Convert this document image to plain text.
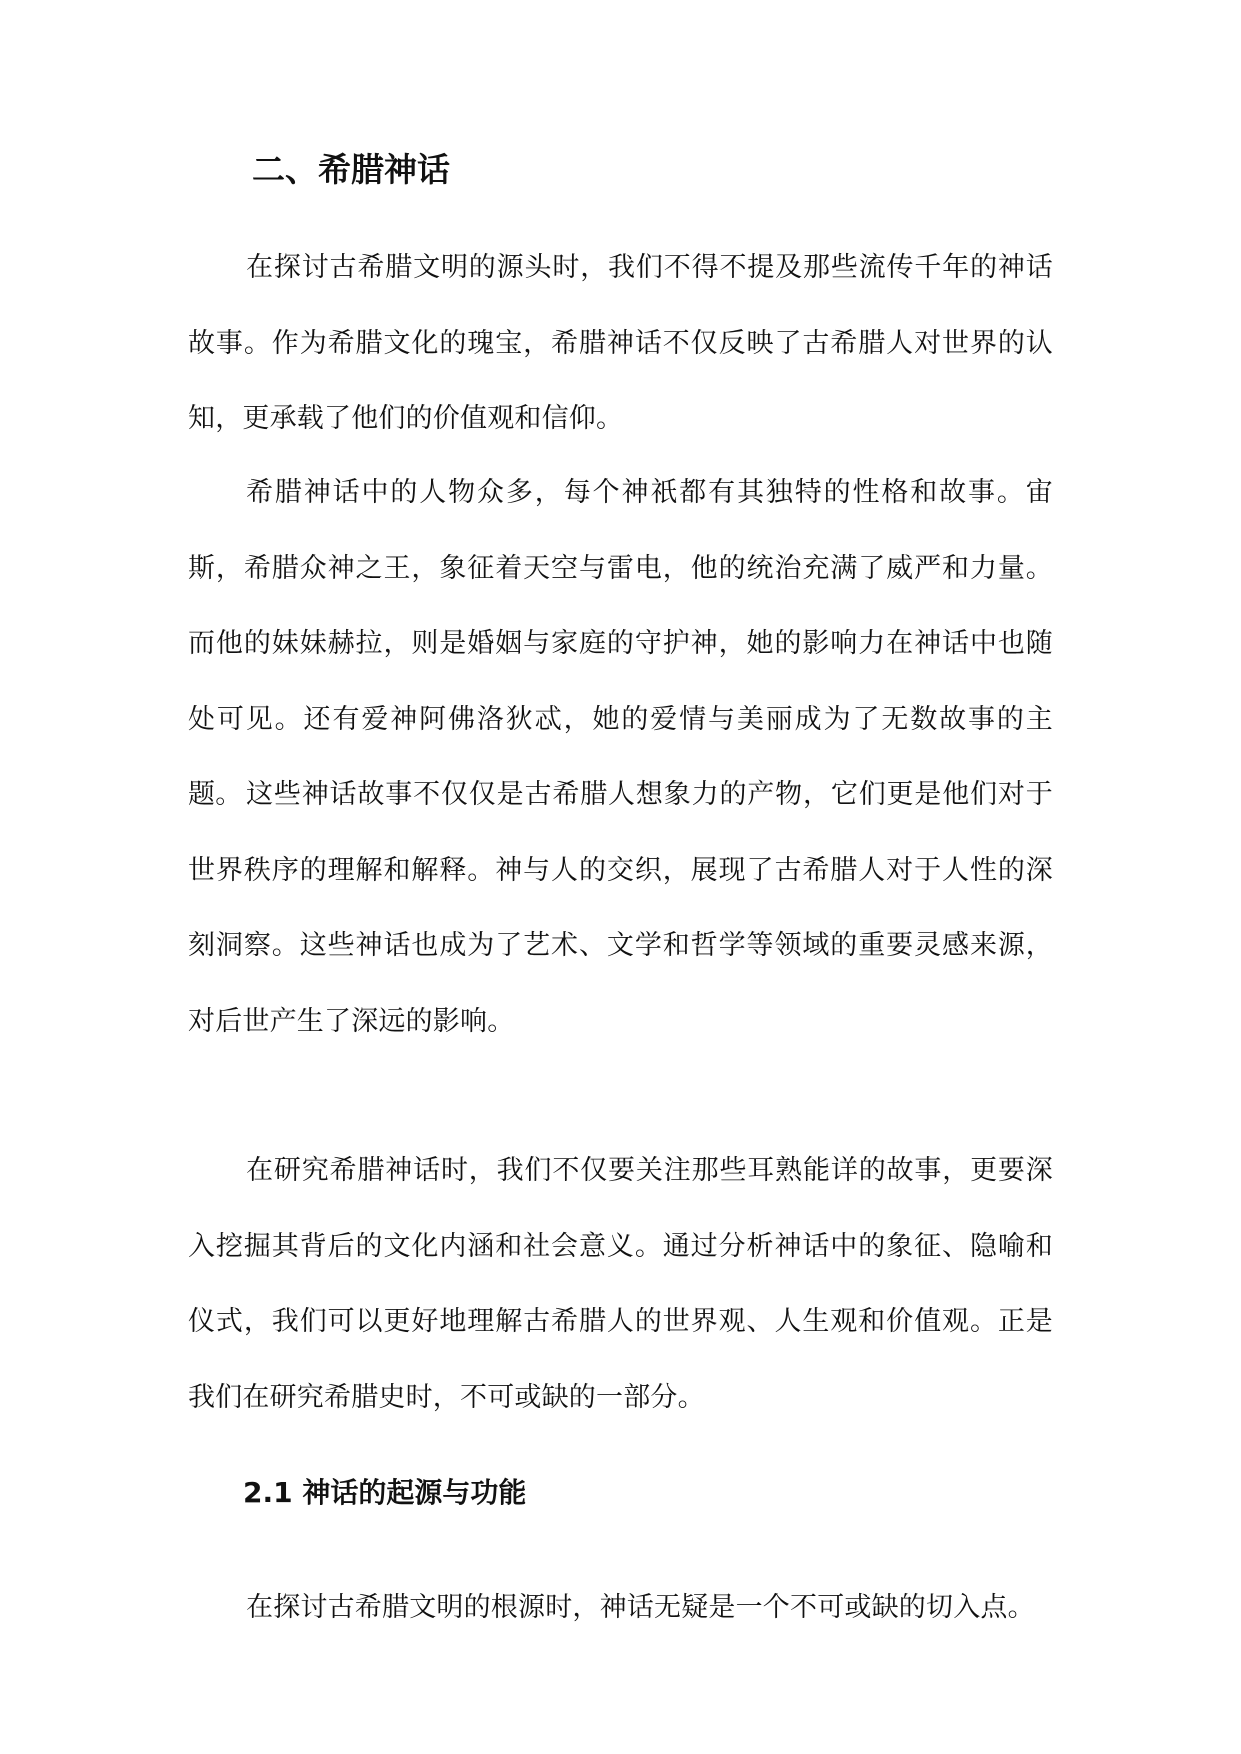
二、希腊神话

在探讨古希腊文明的源头时，我们不得不提及那些流传千年的神话故事。作为希腊文化的瑰宝，希腊神话不仅反映了古希腊人对世界的认知，更承载了他们的价值观和信仰。

希腊神话中的人物众多，每个神祇都有其独特的性格和故事。宙斯，希腊众神之王，象征着天空与雷电，他的统治充满了威严和力量。而他的妹妹赫拉，则是婚姻与家庭的守护神，她的影响力在神话中也随处可见。还有爱神阿佛洛狄忒，她的爱情与美丽成为了无数故事的主题。 这些神话故事不仅仅是古希腊人想象力的产物，它们更是他们对于世界秩序的理解和解释。神与人的交织，展现了古希腊人对于人性的深刻洞察。这些神话也成为了艺术、文学和哲学等领域的重要灵感来源，对后世产生了深远的影响。

在研究希腊神话时，我们不仅要关注那些耳熟能详的故事，更要深入挖掘其背后的文化内涵和社会意义。通过分析神话中的象征、隐喻和仪式，我们可以更好地理解古希腊人的世界观、人生观和价值观。正是我们在研究希腊史时，不可或缺的一部分。

2.1 神话的起源与功能

在探讨古希腊文明的根源时，神话无疑是一个不可或缺的切入点。
